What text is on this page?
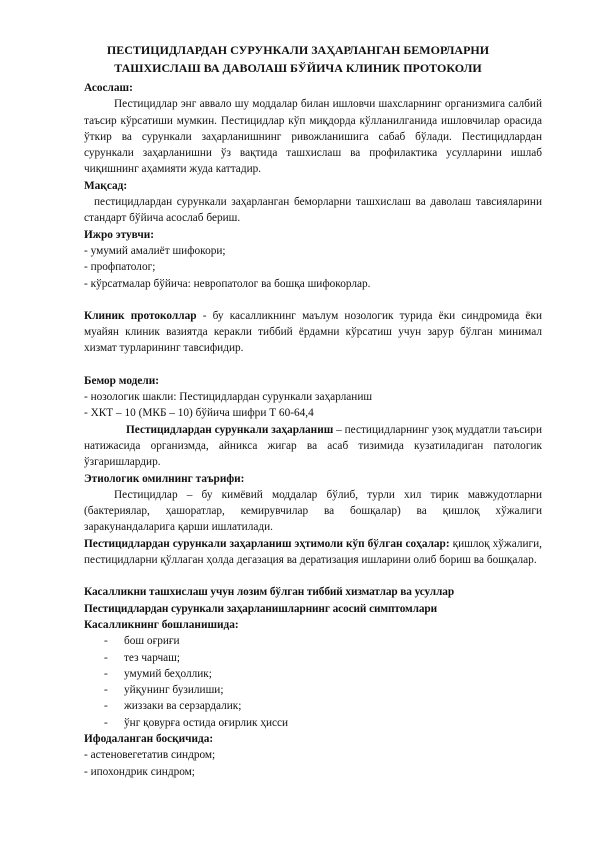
ПЕСТИЦИДЛАРДАН СУРУНКАЛИ ЗАҲАРЛАНГАН БЕМОРЛАРНИ
ТАШХИСЛАШ ВА ДАВОЛАШ БЎЙИЧА КЛИНИК ПРОТОКОЛИ
Асослаш:

Пестицидлар энг аввало шу моддалар билан ишловчи шахсларнинг организмига салбий таъсир кўрсатиши мумкин. Пестицидлар кўп миқдорда кўлланилганида ишловчилар орасида ўткир ва сурункали заҳарланишнинг ривожланишига сабаб бўлади. Пестицидлардан сурункали заҳарланишни ўз вақтида ташхислаш ва профилактика усулларини ишлаб чиқишнинг аҳамияти жуда каттадир.

Мақсад:

пестицидлардан сурункали заҳарланган беморларни ташхислаш ва даволаш тавсияларини стандарт бўйича асослаб бериш.

Ижро этувчи:
- умумий амалиёт шифокори;
- профпатолог;
- кўрсатмалар бўйича: невропатолог ва бошқа шифокорлар.

Клиник протоколлар - бу касалликнинг маълум нозологик турида ёки синдромида ёки муайян клиник вазиятда керакли тиббий ёрдамни кўрсатиш учун зарур бўлган минимал хизмат турларининг тавсифидир.

Бемор модели:
- нозологик шакли: Пестицидлардан сурункали заҳарланиш
- ХКТ – 10 (МКБ – 10) бўйича шифри Т 60-64,4

Пестицидлардан сурункали заҳарланиш – пестицидларнинг узоқ муддатли таъсири натижасида организмда, айникса жигар ва асаб тизимида кузатиладиган патологик ўзгаришлардир.

Этиологик омилнинг таърифи:

Пестицидлар – бу кимёвий моддалар бўлиб, турли хил тирик мавжудотларни (бактериялар, ҳашоратлар, кемирувчилар ва бошқалар) ва қишлоқ хўжалиги заракунандаларига қарши ишлатилади.

Пестицидлардан сурункали заҳарланиш эҳтимоли кўп бўлган соҳалар: қишлоқ хўжалиги, пестицидларни қўллаган ҳолда дегазация ва дератизация ишларини олиб бориш ва бошқалар.

Касалликни ташхислаш учун лозим бўлган тиббий хизматлар ва усуллар
Пестицидлардан сурункали заҳарланишларнинг асосий симптомлари
Касалликнинг бошланишида:
- бош оғриғи
- тез чарчаш;
- умумий беҳоллик;
- уйқунинг бузилиши;
- жиззаки ва серзардалик;
- ўнг қовурға остида оғирлик ҳисси
Ифодаланган босқичида:
- астеновегетатив синдром;
- ипохондрик синдром;
